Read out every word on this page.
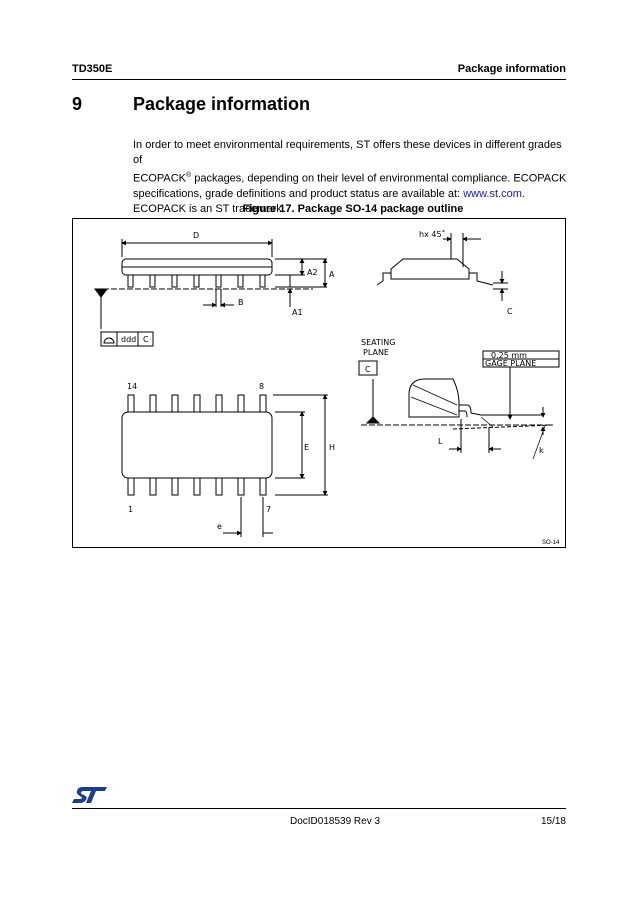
TD350E	Package information
9	Package information
In order to meet environmental requirements, ST offers these devices in different grades of
ECOPACK® packages, depending on their level of environmental compliance. ECOPACK
specifications, grade definitions and product status are available at: www.st.com.
ECOPACK is an ST trademark.
Figure 17. Package SO-14 package outline
D
A2 A
B
A1
ddd C
hx 45˚
C
SEATING
PLANE
C
0,25 mm
GAGE PLANE
14	8
E H
1	7
e
L
k
SO-14
DocID018539 Rev 3	15/18
